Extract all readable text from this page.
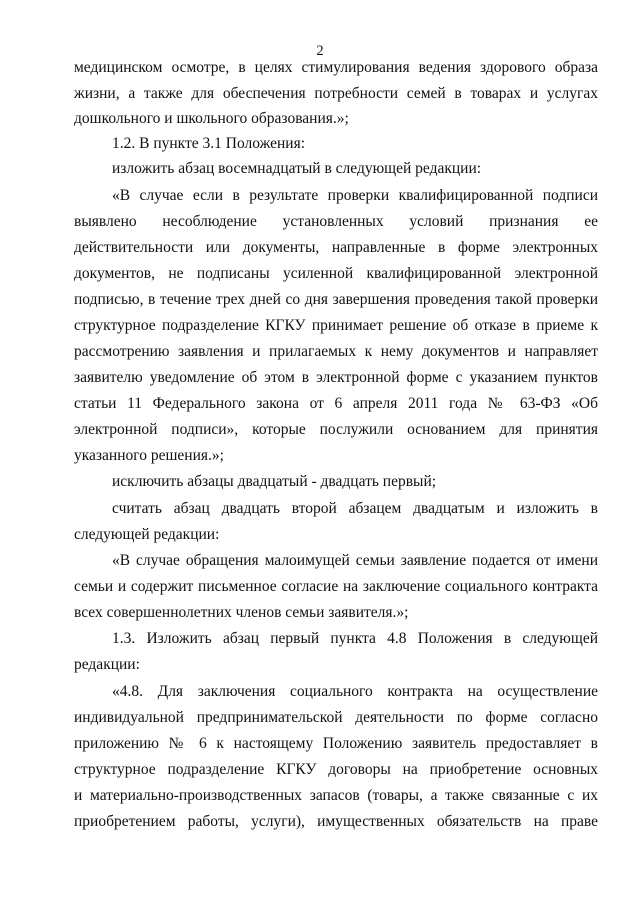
2
медицинском осмотре, в целях стимулирования ведения здорового образа
жизни, а также для обеспечения потребности семей в товарах и услугах
дошкольного и школьного образования.»;
1.2. В пункте 3.1 Положения:
изложить абзац восемнадцатый в следующей редакции:
«В случае если в результате проверки квалифицированной подписи
выявлено несоблюдение установленных условий признания ее
действительности или документы, направленные в форме электронных
документов, не подписаны усиленной квалифицированной электронной
подписью, в течение трех дней со дня завершения проведения такой проверки
структурное подразделение КГКУ принимает решение об отказе в приеме к
рассмотрению заявления и прилагаемых к нему документов и направляет
заявителю уведомление об этом в электронной форме с указанием пунктов
статьи 11 Федерального закона от 6 апреля 2011 года № 63-ФЗ «Об
электронной подписи», которые послужили основанием для принятия
указанного решения.»;
исключить абзацы двадцатый - двадцать первый;
считать абзац двадцать второй абзацем двадцатым и изложить в
следующей редакции:
«В случае обращения малоимущей семьи заявление подается от имени
семьи и содержит письменное согласие на заключение социального контракта
всех совершеннолетних членов семьи заявителя.»;
1.3. Изложить абзац первый пункта 4.8 Положения в следующей
редакции:
«4.8. Для заключения социального контракта на осуществление
индивидуальной предпринимательской деятельности по форме согласно
приложению № 6 к настоящему Положению заявитель предоставляет в
структурное подразделение КГКУ договоры на приобретение основных
и материально-производственных запасов (товары, а также связанные с их
приобретением работы, услуги), имущественных обязательств на праве
